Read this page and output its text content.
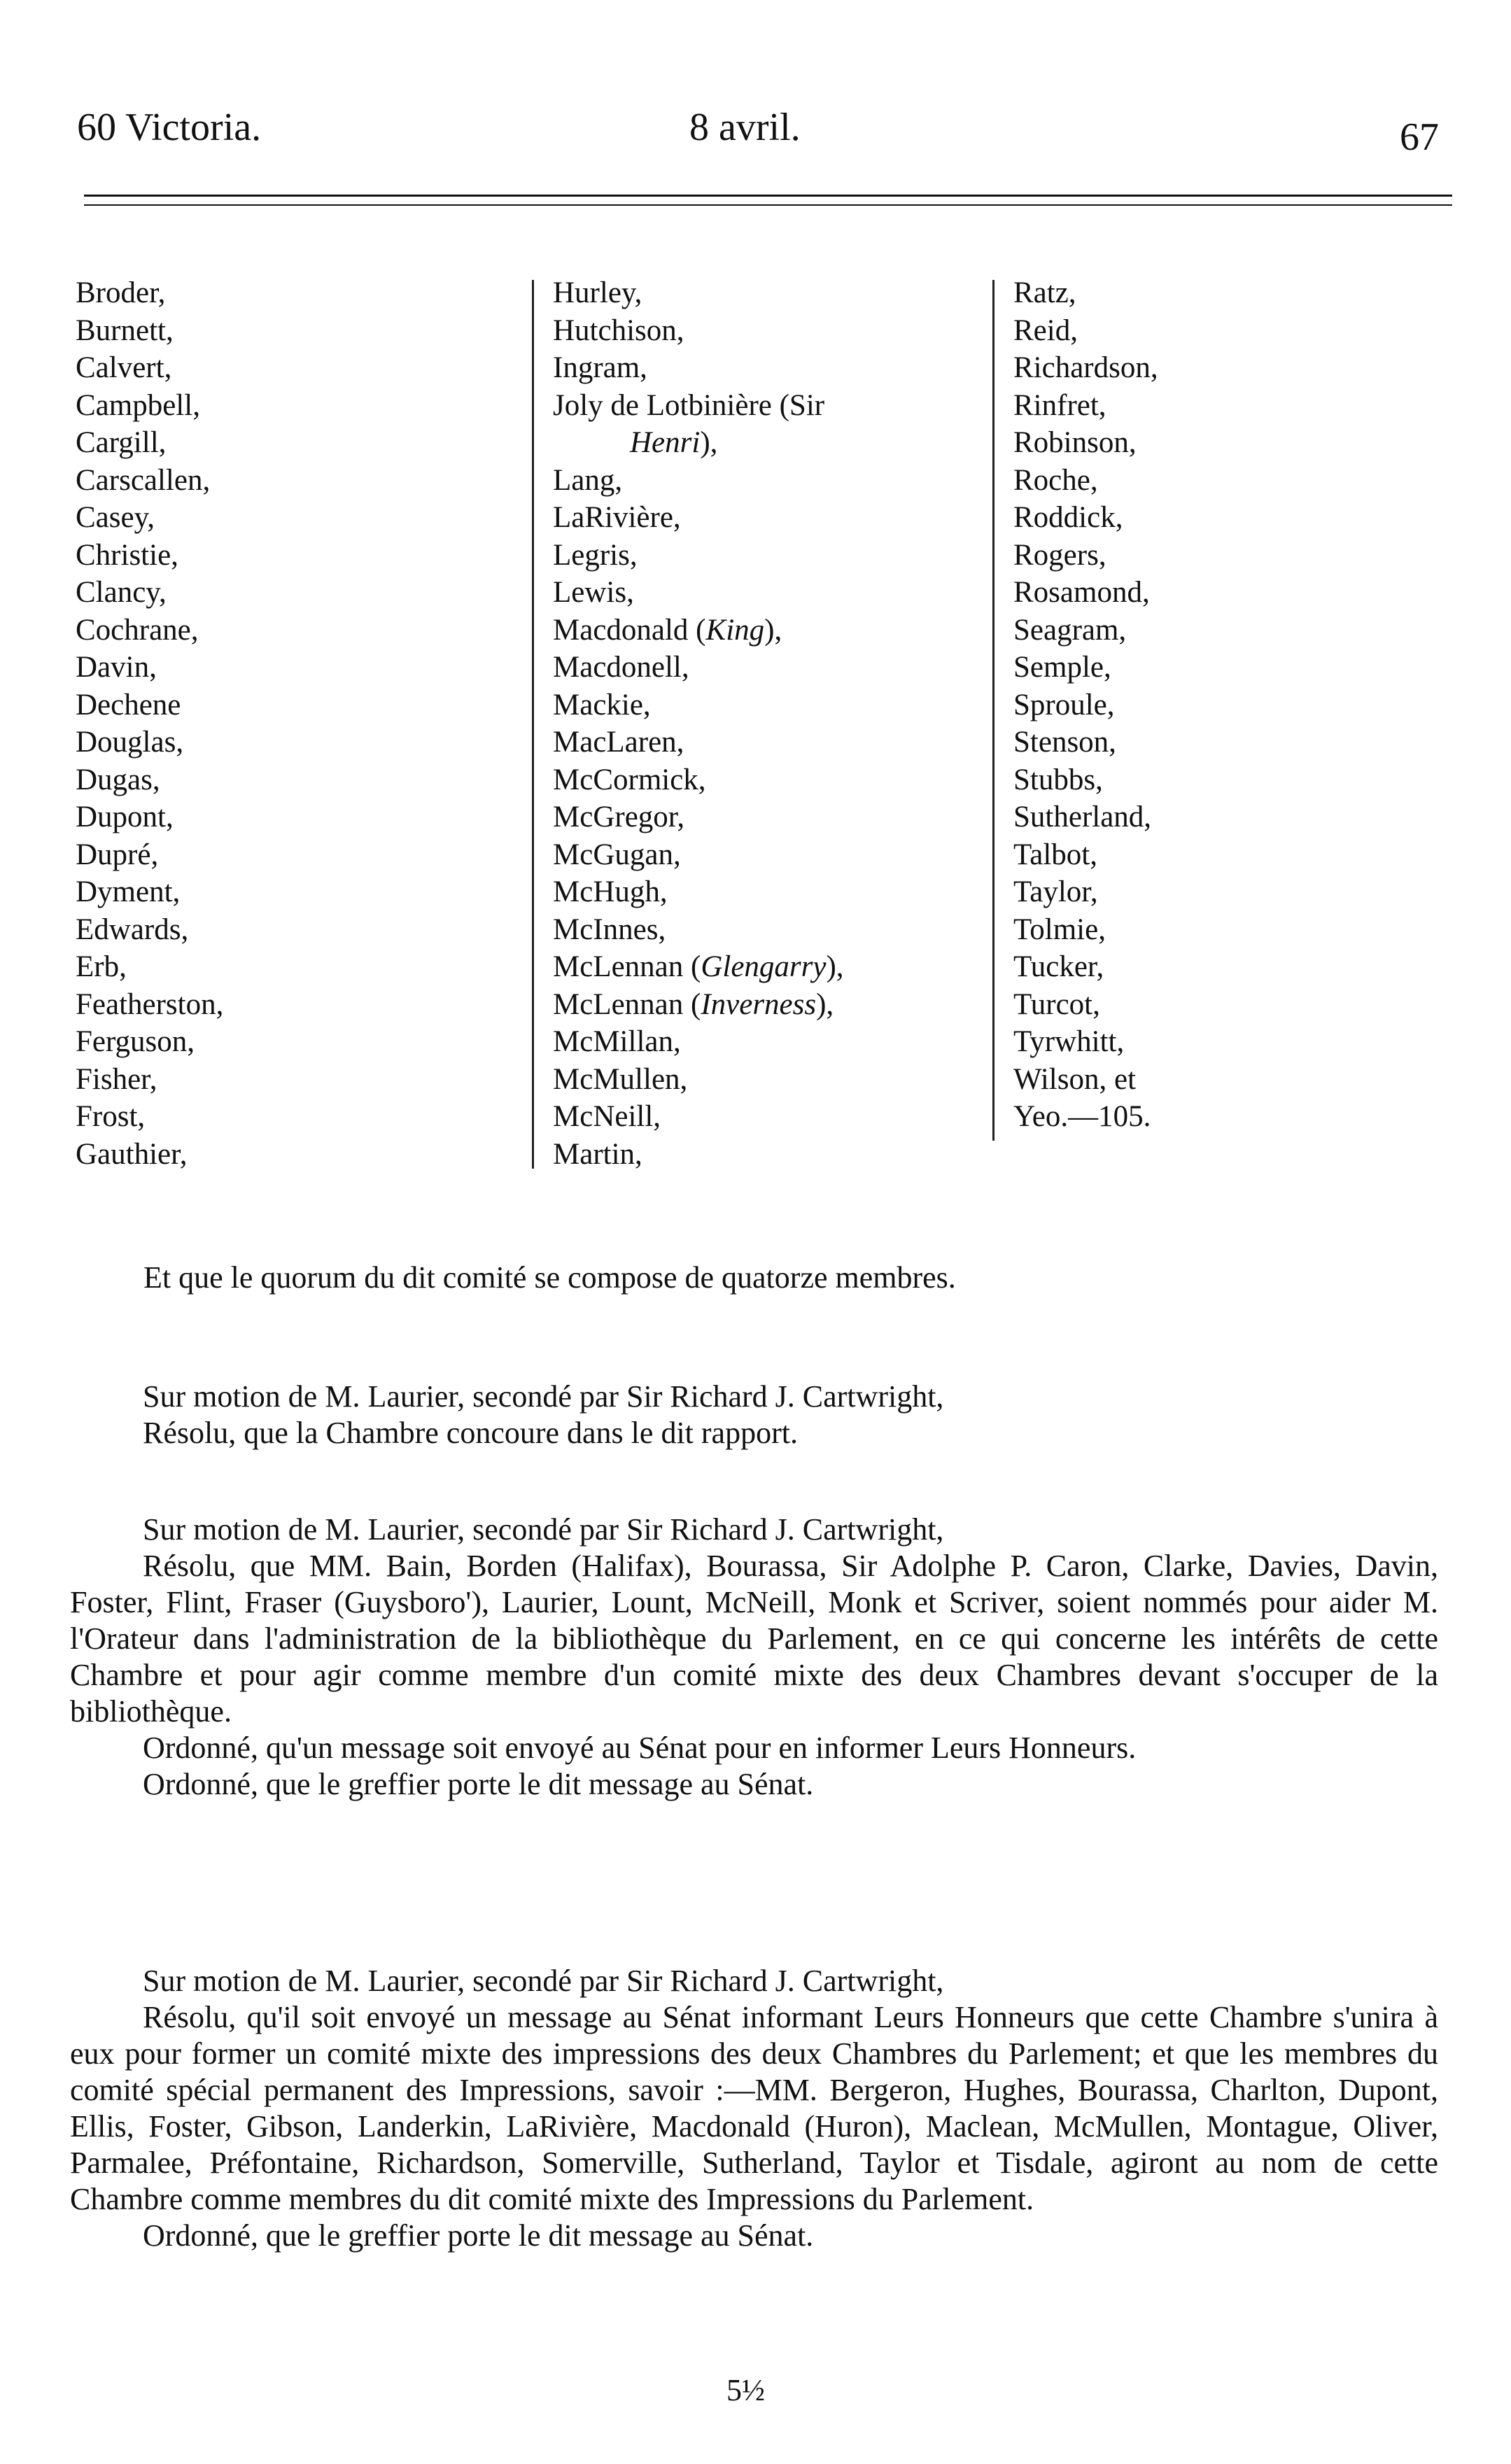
60 Victoria.	8 avril.	67
Broder,
Burnett,
Calvert,
Campbell,
Cargill,
Carscallen,
Casey,
Christie,
Clancy,
Cochrane,
Davin,
Dechene
Douglas,
Dugas,
Dupont,
Dupré,
Dyment,
Edwards,
Erb,
Featherston,
Ferguson,
Fisher,
Frost,
Gauthier,
Hurley,
Hutchison,
Ingram,
Joly de Lotbinière (Sir
Henri),
Lang,
LaRivière,
Legris,
Lewis,
Macdonald (King),
Macdonell,
Mackie,
MacLaren,
McCormick,
McGregor,
McGugan,
McHugh,
McInnes,
McLennan (Glengarry),
McLennan (Inverness),
McMillan,
McMullen,
McNeill,
Martin,
Ratz,
Reid,
Richardson,
Rinfret,
Robinson,
Roche,
Roddick,
Rogers,
Rosamond,
Seagram,
Semple,
Sproule,
Stenson,
Stubbs,
Sutherland,
Talbot,
Taylor,
Tolmie,
Tucker,
Turcot,
Tyrwhitt,
Wilson, et
Yeo.—105.

Et que le quorum du dit comité se compose de quatorze membres.

Sur motion de M. Laurier, secondé par Sir Richard J. Cartwright,

Résolu, que la Chambre concoure dans le dit rapport.

Sur motion de M. Laurier, secondé par Sir Richard J. Cartwright,

Résolu, que MM. Bain, Borden (Halifax), Bourassa, Sir Adolphe P. Caron, Clarke, Davies, Davin, Foster, Flint, Fraser (Guysboro'), Laurier, Lount, McNeill, Monk et Scriver, soient nommés pour aider M. l'Orateur dans l'administration de la bibliothèque du Parlement, en ce qui concerne les intérêts de cette Chambre et pour agir comme membre d'un comité mixte des deux Chambres devant s'occuper de la bibliothèque.

Ordonné, qu'un message soit envoyé au Sénat pour en informer Leurs Honneurs.

Ordonné, que le greffier porte le dit message au Sénat.

Sur motion de M. Laurier, secondé par Sir Richard J. Cartwright,

Résolu, qu'il soit envoyé un message au Sénat informant Leurs Honneurs que cette Chambre s'unira à eux pour former un comité mixte des impressions des deux Chambres du Parlement; et que les membres du comité spécial permanent des Impressions, savoir :—MM. Bergeron, Hughes, Bourassa, Charlton, Dupont, Ellis, Foster, Gibson, Landerkin, LaRivière, Macdonald (Huron), Maclean, McMullen, Montague, Oliver, Parmalee, Préfontaine, Richardson, Somerville, Sutherland, Taylor et Tisdale, agiront au nom de cette Chambre comme membres du dit comité mixte des Impressions du Parlement.

Ordonné, que le greffier porte le dit message au Sénat.

5½
